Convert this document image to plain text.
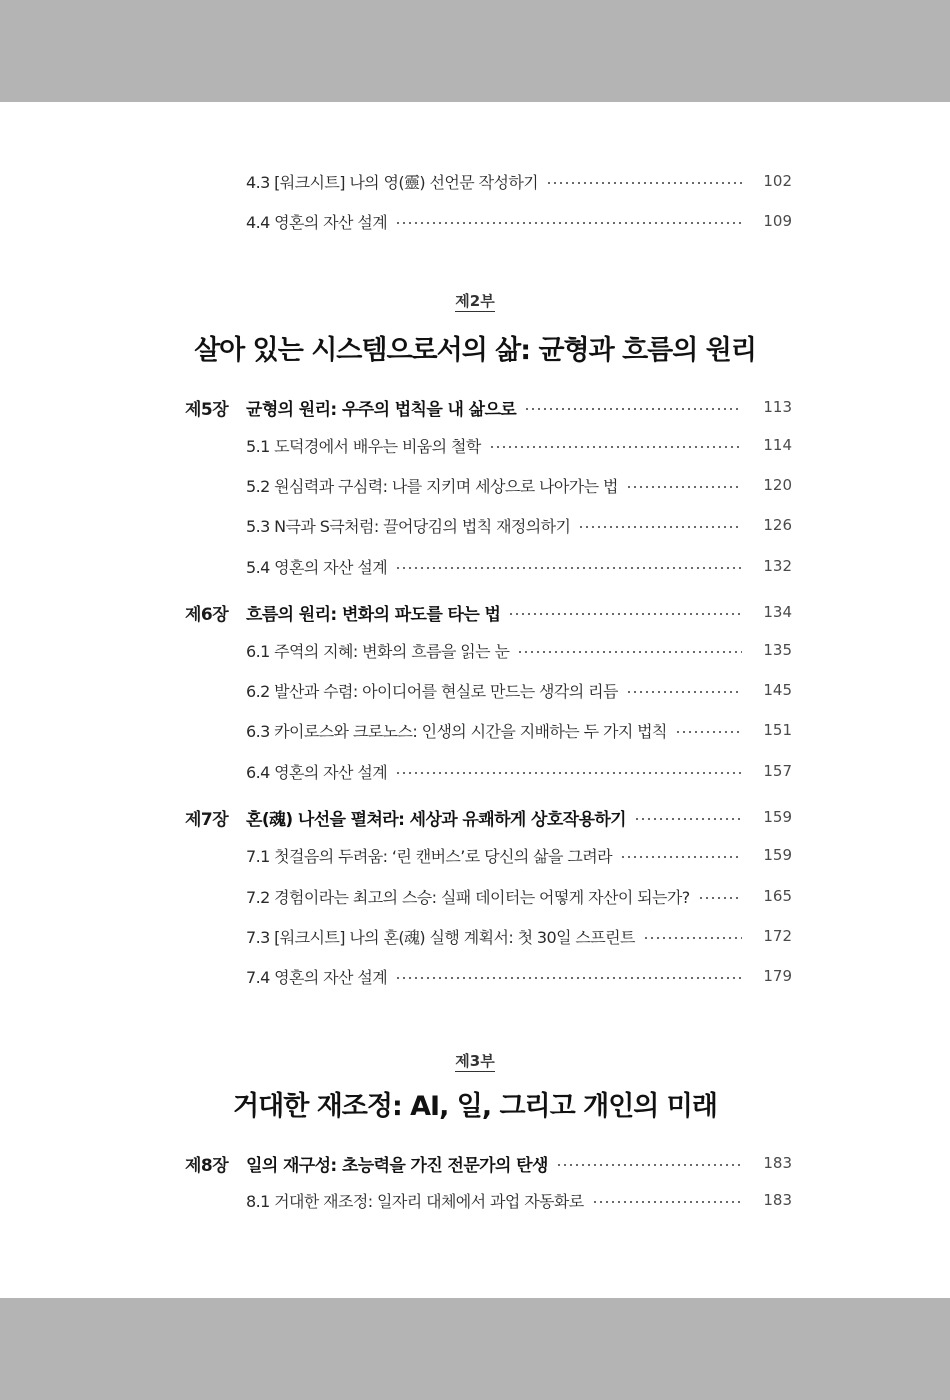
4.3 [워크시트] 나의 영(靈) 선언문 작성하기	102
4.4 영혼의 자산 설계	109
제2부
살아 있는 시스템으로서의 삶: 균형과 흐름의 원리
제5장 균형의 원리: 우주의 법칙을 내 삶으로	113
5.1 도덕경에서 배우는 비움의 철학	114
5.2 원심력과 구심력: 나를 지키며 세상으로 나아가는 법	120
5.3 N극과 S극처럼: 끌어당김의 법칙 재정의하기	126
5.4 영혼의 자산 설계	132
제6장 흐름의 원리: 변화의 파도를 타는 법	134
6.1 주역의 지혜: 변화의 흐름을 읽는 눈	135
6.2 발산과 수렴: 아이디어를 현실로 만드는 생각의 리듬	145
6.3 카이로스와 크로노스: 인생의 시간을 지배하는 두 가지 법칙	151
6.4 영혼의 자산 설계	157
제7장 혼(魂) 나선을 펼쳐라: 세상과 유쾌하게 상호작용하기	159
7.1 첫걸음의 두려움: ‘린 캔버스’로 당신의 삶을 그려라	159
7.2 경험이라는 최고의 스승: 실패 데이터는 어떻게 자산이 되는가?	165
7.3 [워크시트] 나의 혼(魂) 실행 계획서: 첫 30일 스프린트	172
7.4 영혼의 자산 설계	179
제3부
거대한 재조정: AI, 일, 그리고 개인의 미래
제8장 일의 재구성: 초능력을 가진 전문가의 탄생	183
8.1 거대한 재조정: 일자리 대체에서 과업 자동화로	183
